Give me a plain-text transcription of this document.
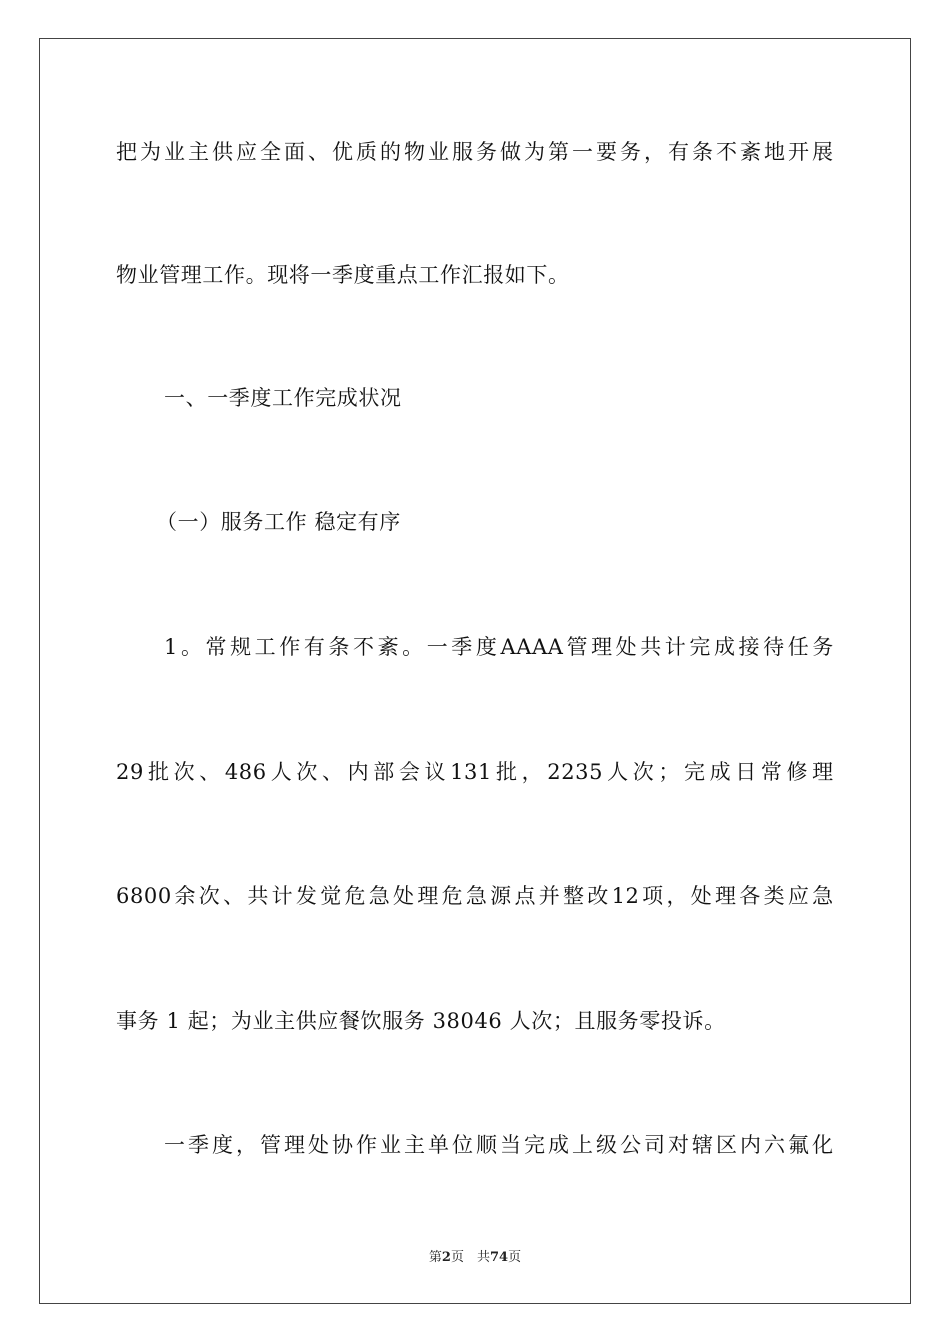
把 为 业 主 供 应 全 面 、 优 质 的 物 业 服 务 做 为 第 一 要 务 ， 有 条 不 紊 地 开 展
物业管理工作。现将一季度重点工作汇报如下。
一、一季度工作完成状况
（一）服务工作 稳定有序
1 。 常 规 工 作 有 条 不 紊 。 一 季 度 AAAA 管 理 处 共 计 完 成 接 待 任 务
29 批 次 、 486 人 次 、 内 部 会 议 131 批 ， 2235 人 次 ； 完 成 日 常 修 理
6800 余 次 、 共 计 发 觉 危 急 处 理 危 急 源 点 并 整 改 12 项 ， 处 理 各 类 应 急
事务 1 起；为业主供应餐饮服务 38046 人次；且服务零投诉。
一 季 度 ， 管 理 处 协 作 业 主 单 位 顺 当 完 成 上 级 公 司 对 辖 区 内 六 氟 化
第2页　共74页
